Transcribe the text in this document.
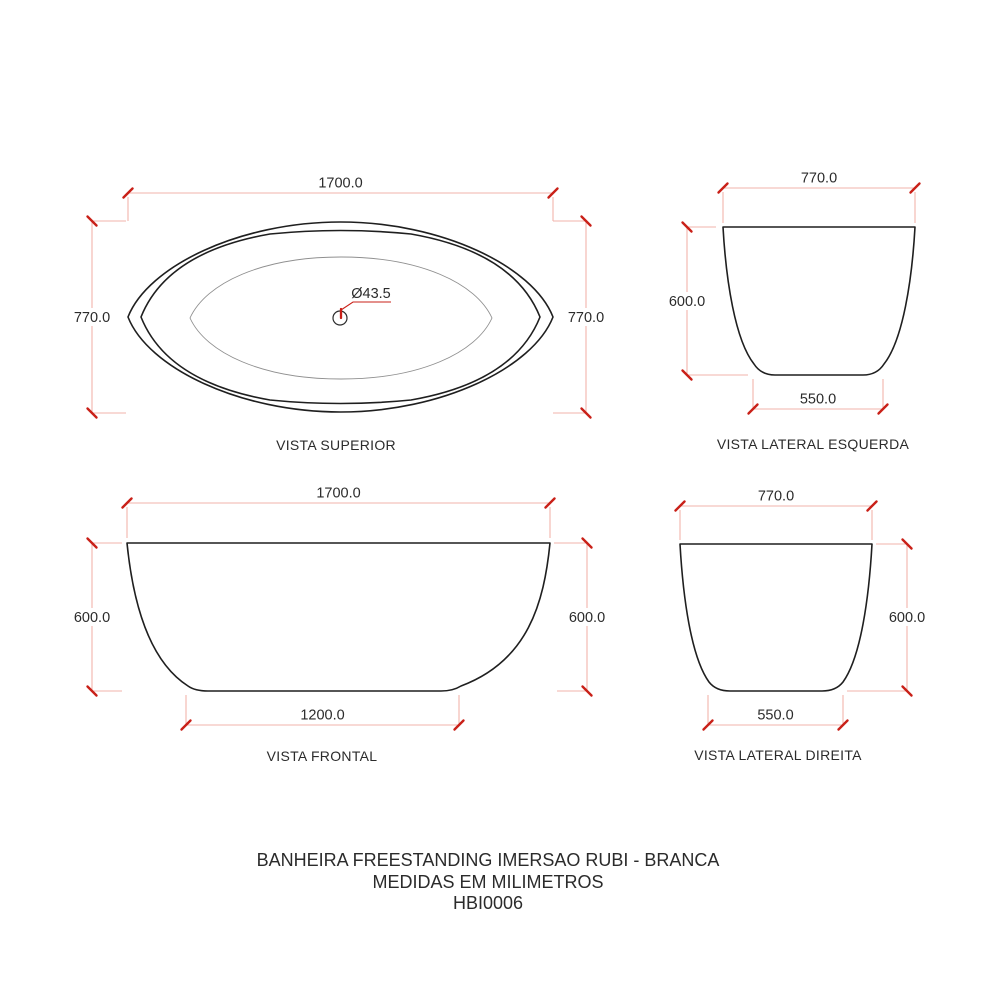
Ø43.5
1700.0
770.0	770.0
VISTA SUPERIOR
770.0
600.0
550.0
VISTA LATERAL ESQUERDA
1700.0
600.0	600.0
1200.0
VISTA FRONTAL
770.0
600.0
550.0
VISTA LATERAL DIREITA
BANHEIRA FREESTANDING IMERSAO RUBI - BRANCA
MEDIDAS EM MILIMETROS
HBI0006
